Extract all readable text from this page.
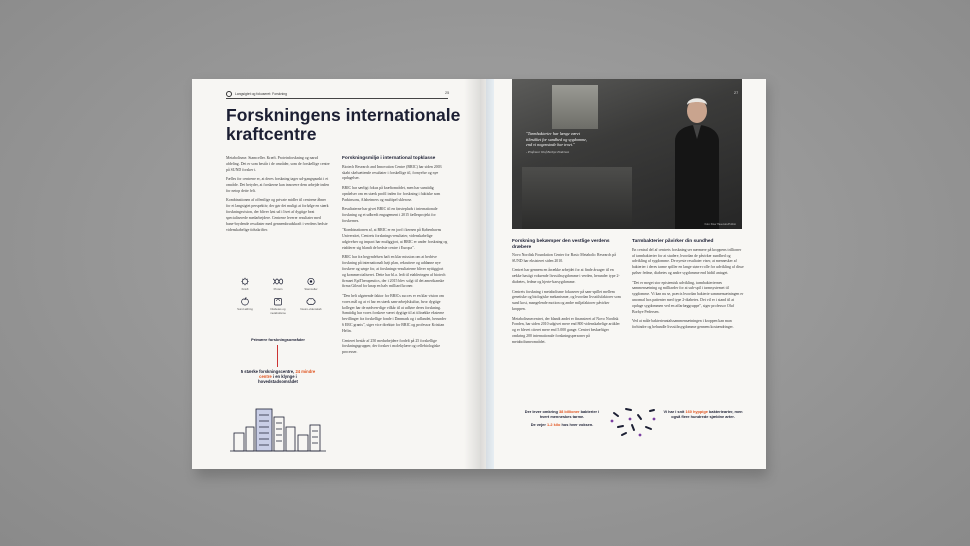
Langsigtet og fokuseret: Forskning	25
Forskningens internationale kraftcentre

Metabolisme. Stamceller. Kræft. Proteinforskning og narsd afdeling. Det er som består i de områder, som de forskellige centre på SUND forsker i.

Fælles for centrene er, at deres forskning tager ud-gangspunkt i et område. Det betyder, at forskerne kan innovere dem arbejde inden for netop dette felt.

Kombinationen af offentlige og private midler til centrene åbner for et langsigtet perspektiv, der gør det muligt at forfølge en stærk forskningsvision, der bliver løst ud i livet af dygtige beat specialiserede medarbejdere. Centrene leverer resultater med bane-brydende resultater med gennembrudskraft i verdens bedste videnskabelige tidsskrifter.

Kræft	Protein	Stamceller
Sund aldring	Diabetes og metabolisme
Neuro-videnskab
Primære forskningsområder
5 stærke forskningscentre, 24 mindre centre i en klynge i hovedstadsområdet
Forskningsmiljø i international topklasse

Biotech Research and Innovation Centre (BRIC) har siden 2003 skabt skelsættende resultater i forskellige til, fornyelse og nye opdagelser.

BRIC har særligt fokus på kræftområdet, men har samtidig opnåelser om en stærk profil inden for forskning i faktiske som Parkinsons, Alzheimers og multipel sklerose.

Resultaterne har givet BRIC til en førsteplads i internationale forskning og et udbredt engagement i 2015 fællesprojekt for forskernes.

"Kombinationen af, at BRIC er en jord i kernen på Københavns Universitet, Centrets forsknings-resultater, videnskabelige udgivelser og impact har muliggjort, at BRIC er under forskning og etablerer sig blandt de bedste centre i Europa".

BRIC har fra begyndelsen haft en klar mission om at bedrive forskning på internationalt højt plan, rekruttere og uddanne nye forskere og sørge for, at forsknings-resultaterne bliver nyttiggjort og kommercialiseret. Dette har bl.a. ledt til etableringen af biotech firmaet EpiTherapeutics, der i 2015 blev solgt til det amerikanske firma Gilead for knap en halv milliard kroner.

"Den helt afgørende faktor for BRICs succes er en klar vision om vores mål og at vi har en stærk sam-arbejdskultur, hvor dygtige kolleger har de nødven-dige vilkår til at udføre deres forskning. Samtidig har vores forskere været dygtige til at tiltrække eksterne bevillinger fra forskellige fonde i Danmark og i udlandet, herunder 6 ERC grants", siger vice direktør for BRIC og professor Kristian Helin.

Centeret består af 250 medarbejdere fordelt på 25 forskellige forskningsgrupper, der forsker i molekylære og cellebiologiske processer.

"Tarmbakterier har længe været tiltrukket for sundhed og sygdomme, end vi nogensinde har troet."
- Professor Oluf Borbye Pedersen
Foto: Peter Hauerslev/Polfoto
27
Forskning bekæmper den vestlige verdens dræbere

Novo Nordisk Foundation Center for Basic Metabolic Research på SUND har eksisteret siden 2010.

Centret har gennem en årrække arbejdet for at finde årsager til en række hastigt voksende livsstilssygdomme i verden, herunder type 2-diabetes, fedme og hjerte-karsygdomme.

Centrets forskning i metabolisme fokuserer på sam-spillet mellem genetiske og biologiske mekanismer, og hvordan livsstilsfaktorer som sund kost, mangelende motion og andre miljøfaktorer påvirker kroppen.

Metabolismecentret, der blandt andet er finansieret af Novo Nordisk Fonden, har siden 2010 udgivet mere end 800 videnskabelige artikler og er blevet citeret mere end 5.000 gange. Centret beskæftiger omkring 200 internationale forskningspersoner på metabolismeområdet.

Tarmbakterier påvirker din sundhed

En central del af centrets forskning ser nærmere på kroppens trillioner af tarmbakterier for at studere, hvordan de påvirker sundhed og udvikling af sygdomme. De nyeste resultater viser, at mennesker af bakterier i deres tarme spiller en lange større rolle for udvikling af disse pølser fedme, diabetes og andre sygdomme end hidtil antaget.

"Det er meget stor epistemisk udvikling, tarmbakteriernes sammensætning og milliarder for at sub-spil i tarmsystemet til sygdomme. Vi kan nu se, præcis hvordan bakterie sammensætningen er unormal hos patienter med type 2-diabetes. Det vil er i stand til at opdage sygdommen ved en affarfæggruppe", siger professor Oluf Borbye Pedersen.

Ved at måle bakterieantalssammensætningen i kroppen kan man forhindre og behandle livsstilssygdomme gennem kostændringer.

Der lever omkring 38 billioner bakterier i hvert menneskes tarme.
De vejer 1-2 kilo hos hver voksen.
Vi har i snit 160 hyppige bakteriearter, men også flere hundrede sjældne arter.
